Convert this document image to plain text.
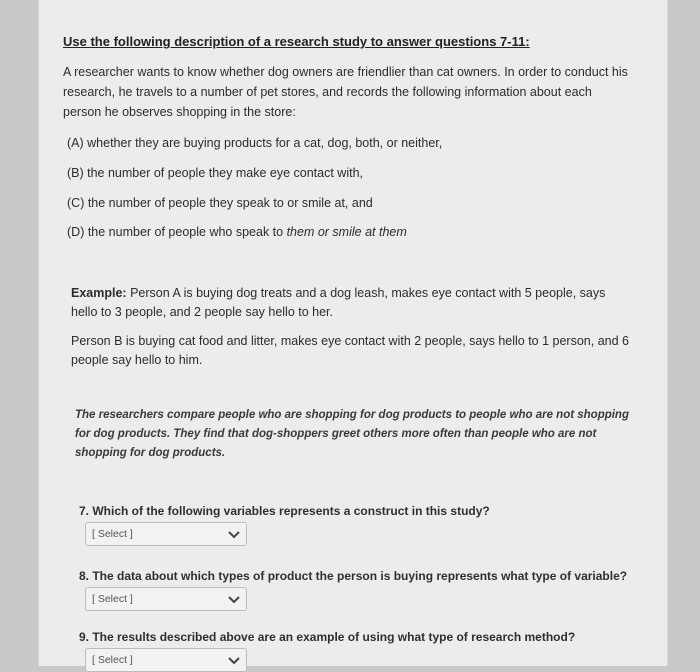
Use the following description of a research study to answer questions 7-11:
A researcher wants to know whether dog owners are friendlier than cat owners. In order to conduct his research, he travels to a number of pet stores, and records the following information about each person he observes shopping in the store:
(A) whether they are buying products for a cat, dog, both, or neither,
(B) the number of people they make eye contact with,
(C) the number of people they speak to or smile at, and
(D) the number of people who speak to them or smile at them
Example: Person A is buying dog treats and a dog leash, makes eye contact with 5 people, says hello to 3 people, and 2 people say hello to her.
Person B is buying cat food and litter, makes eye contact with 2 people, says hello to 1 person, and 6 people say hello to him.
The researchers compare people who are shopping for dog products to people who are not shopping for dog products. They find that dog-shoppers greet others more often than people who are not shopping for dog products.
7. Which of the following variables represents a construct in this study?
[ Select ]
8. The data about which types of product the person is buying represents what type of variable?
[ Select ]
9. The results described above are an example of using what type of research method?
[ Select ]
